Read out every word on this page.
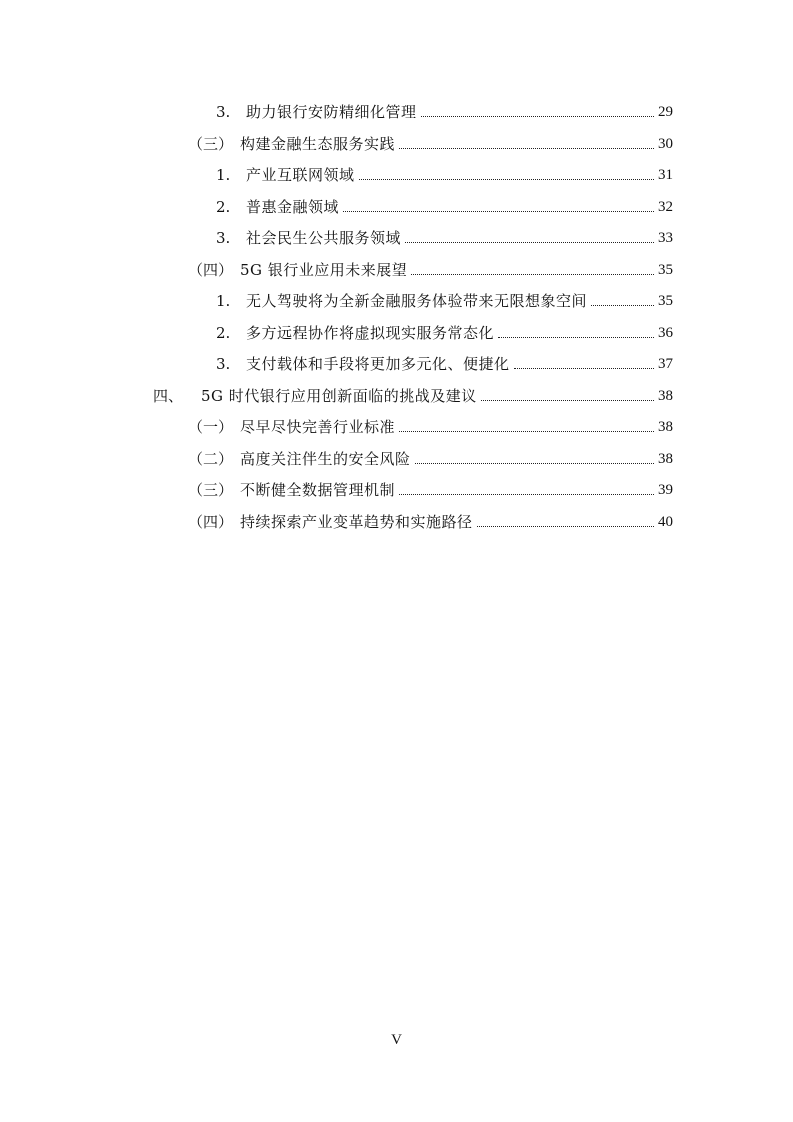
3.	助力银行安防精细化管理	29
（三） 构建金融生态服务实践	30
1.	产业互联网领域	31
2.	普惠金融领域	32
3.	社会民生公共服务领域	33
（四） 5G 银行业应用未来展望	35
1.	无人驾驶将为全新金融服务体验带来无限想象空间	35
2.	多方远程协作将虚拟现实服务常态化	36
3.	支付载体和手段将更加多元化、便捷化	37
四、	5G 时代银行应用创新面临的挑战及建议	38
（一） 尽早尽快完善行业标准	38
（二） 高度关注伴生的安全风险	38
（三） 不断健全数据管理机制	39
（四） 持续探索产业变革趋势和实施路径	40
V
